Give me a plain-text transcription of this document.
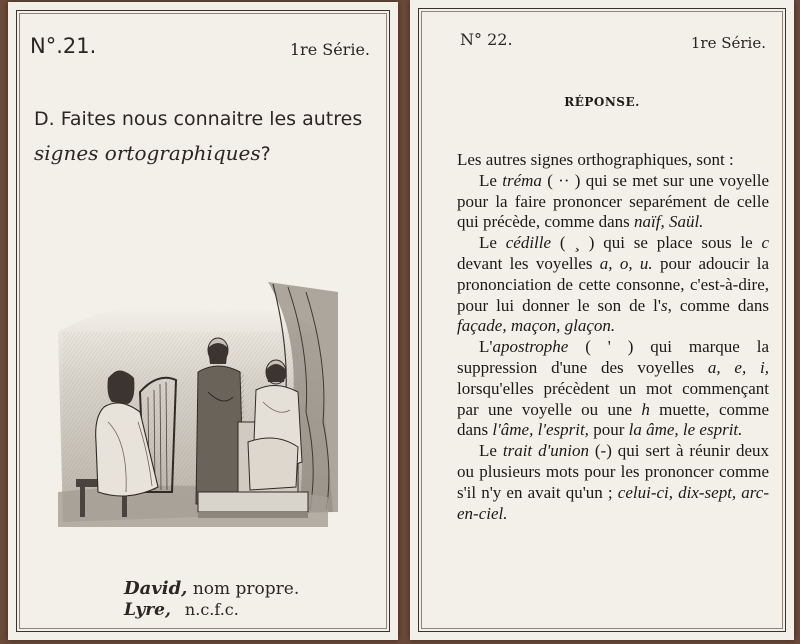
N°.21.	1re Série.
D. Faites nous connaitre les autres signes ortographiques?
David, nom propre.
Lyre, n.c.f.c.
N° 22.	1re Série.
RÉPONSE.

Les autres signes orthographiques, sont :

Le tréma ( ·· ) qui se met sur une voyelle pour la faire prononcer separément de celle qui précède, comme dans naïf, Saül.

Le cédille ( ¸ ) qui se place sous le c devant les voyelles a, o, u. pour adoucir la prononciation de cette consonne, c'est-à-dire, pour lui donner le son de l's, comme dans façade, maçon, glaçon.

L'apostrophe ( ' ) qui marque la suppression d'une des voyelles a, e, i, lorsqu'elles précèdent un mot commençant par une voyelle ou une h muette, comme dans l'âme, l'esprit, pour la âme, le esprit.

Le trait d'union (-) qui sert à réunir deux ou plusieurs mots pour les prononcer comme s'il n'y en avait qu'un ; celui-ci, dix-sept, arc-en-ciel.
